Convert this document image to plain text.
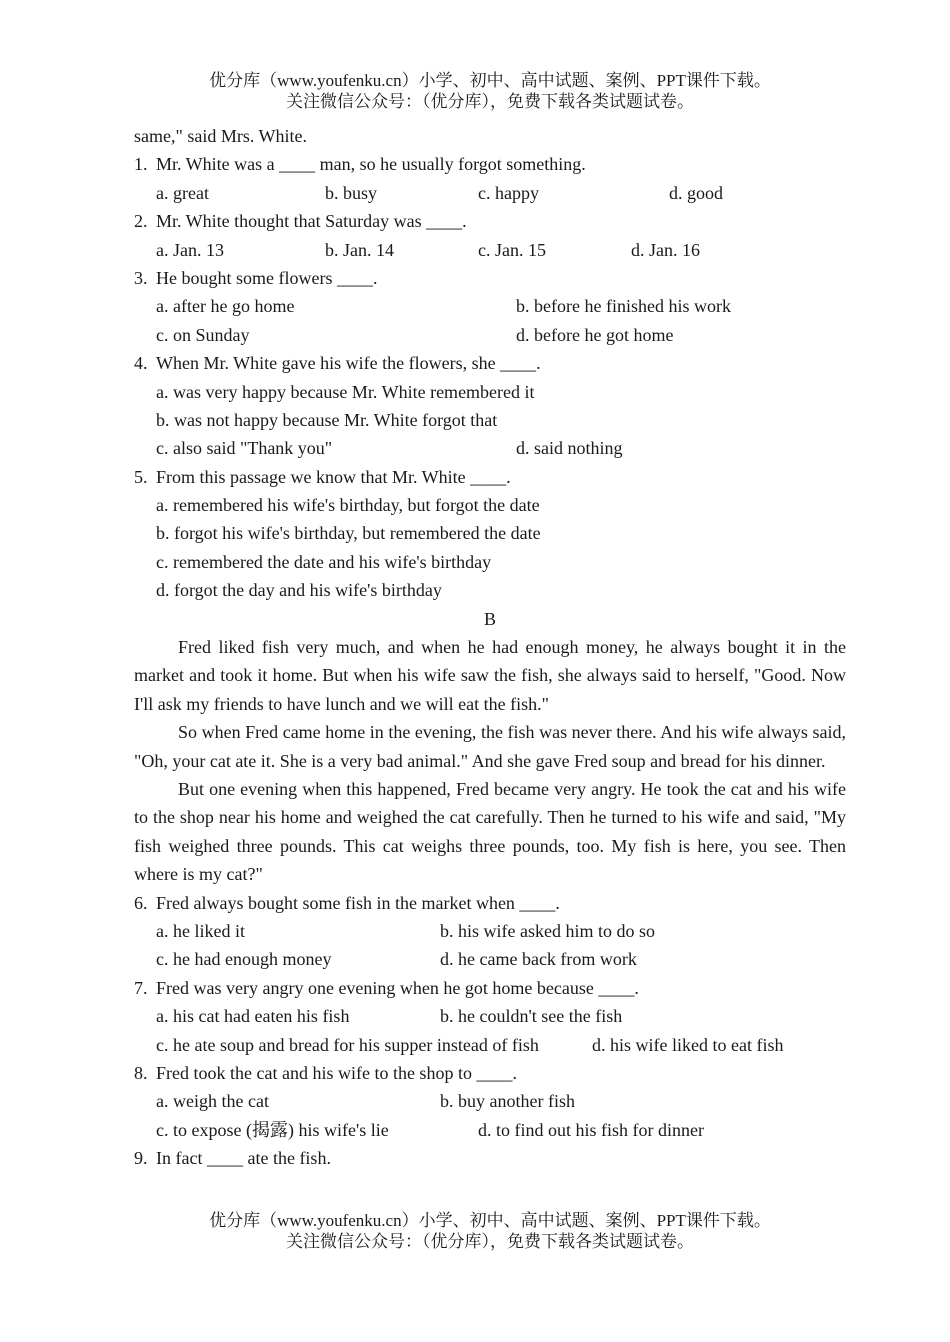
优分库（www.youfenku.cn）小学、初中、高中试题、案例、PPT课件下载。
关注微信公众号：（优分库），免费下载各类试题试卷。
same," said Mrs. White.
1. Mr. White was a ____ man, so he usually forgot something.
a. great	b. busy	c. happy	d. good
2. Mr. White thought that Saturday was ____.
a. Jan. 13	b. Jan. 14	c. Jan. 15	d. Jan. 16
3. He bought some flowers ____.
a. after he go home	b. before he finished his work
c. on Sunday	d. before he got home
4. When Mr. White gave his wife the flowers, she ____.
a. was very happy because Mr. White remembered it
b. was not happy because Mr. White forgot that
c. also said "Thank you"	d. said nothing
5. From this passage we know that Mr. White ____.
a. remembered his wife's birthday, but forgot the date
b. forgot his wife's birthday, but remembered the date
c. remembered the date and his wife's birthday
d. forgot the day and his wife's birthday
B
Fred liked fish very much, and when he had enough money, he always bought it in the market and took it home. But when his wife saw the fish, she always said to herself, "Good. Now I'll ask my friends to have lunch and we will eat the fish."
So when Fred came home in the evening, the fish was never there. And his wife always said, "Oh, your cat ate it. She is a very bad animal." And she gave Fred soup and bread for his dinner.
But one evening when this happened, Fred became very angry. He took the cat and his wife to the shop near his home and weighed the cat carefully. Then he turned to his wife and said, "My fish weighed three pounds. This cat weighs three pounds, too. My fish is here, you see. Then where is my cat?"
6. Fred always bought some fish in the market when ____.
a. he liked it	b. his wife asked him to do so
c. he had enough money	d. he came back from work
7. Fred was very angry one evening when he got home because ____.
a. his cat had eaten his fish	b. he couldn't see the fish
c. he ate soup and bread for his supper instead of fish	d. his wife liked to eat fish
8. Fred took the cat and his wife to the shop to ____.
a. weigh the cat	b. buy another fish
c. to expose (揭露) his wife's lie	d. to find out his fish for dinner
9. In fact ____ ate the fish.
优分库（www.youfenku.cn）小学、初中、高中试题、案例、PPT课件下载。
关注微信公众号：（优分库），免费下载各类试题试卷。
